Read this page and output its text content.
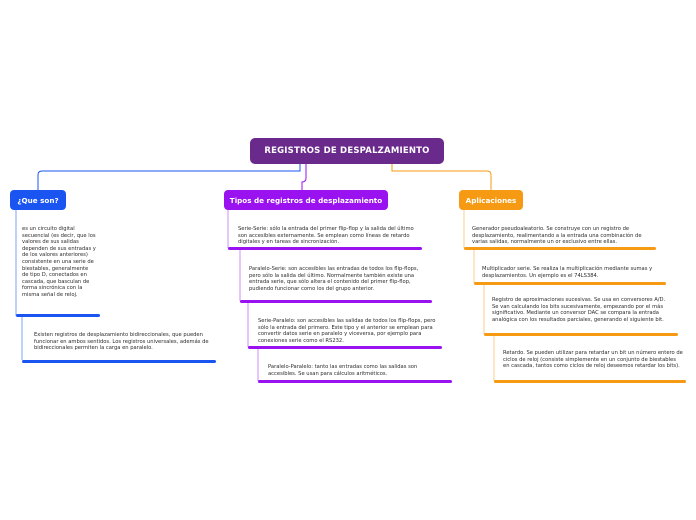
REGISTROS DE DESPALZAMIENTO
¿Que son?	Tipos de registros de desplazamiento	Aplicaciones
es un circuito digital secuencial (es decir, que los valores de sus salidas dependen de sus entradas y de los valores anteriores) consistente en una serie de biestables, generalmente de tipo D, conectados en cascada, que basculan de forma sincrónica con la misma señal de reloj.
Existen registros de desplazamiento bidireccionales, que pueden funcionar en ambos sentidos. Los registros universales, además de bidireccionales permiten la carga en paralelo.
Serie-Serie: sólo la entrada del primer flip-flop y la salida del último son accesibles externamente. Se emplean como líneas de retardo digitales y en tareas de sincronización.
Paralelo-Serie: son accesibles las entradas de todos los flip-flops, pero sólo la salida del último. Normalmente también existe una entrada serie, que sólo altera el contenido del primer flip-flop, pudiendo funcionar como los del grupo anterior.
Serie-Paralelo: son accesibles las salidas de todos los flip-flops, pero sólo la entrada del primero. Este tipo y el anterior se emplean para convertir datos serie en paralelo y viceversa, por ejemplo para conexiones serie como el RS232.
Paralelo-Paralelo: tanto las entradas como las salidas son accesibles. Se usan para cálculos aritméticos.
Generador pseudoaleatorio. Se construye con un registro de desplazamiento, realimentando a la entrada una combinación de varias salidas, normalmente un or exclusivo entre ellas.
Multiplicador serie. Se realiza la multiplicación mediante sumas y desplazamientos. Un ejemplo es el 74LS384.
Registro de aproximaciones sucesivas. Se usa en conversores A/D. Se van calculando los bits sucesivamente, empezando por el más significativo. Mediante un conversor DAC se compara la entrada analógica con los resultados parciales, generando el siguiente bit.
Retardo. Se pueden utilizar para retardar un bit un número entero de ciclos de reloj (consiste simplemente en un conjunto de biestables en cascada, tantos como ciclos de reloj deseemos retardar los bits).
